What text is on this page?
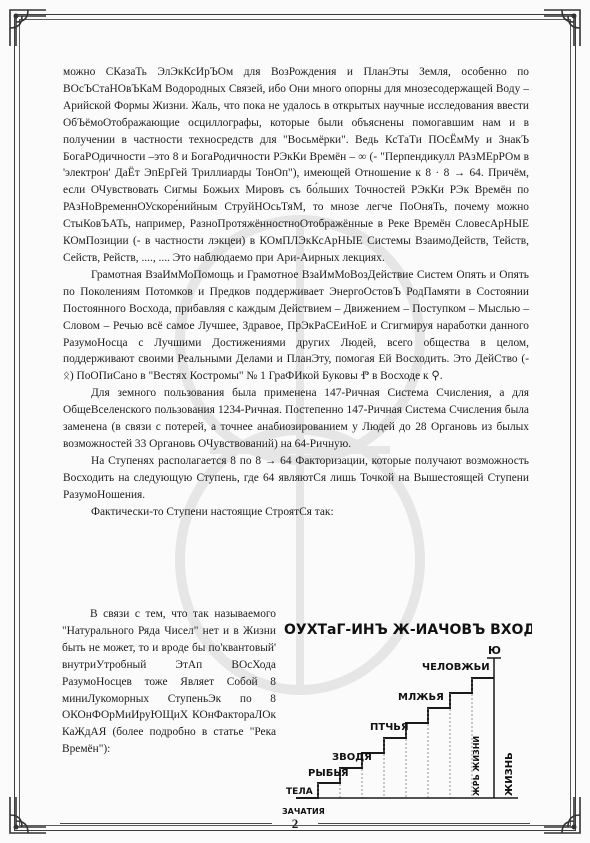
можно СКазаТь ЭлЭкКсИрЪОм для ВозРождения и ПланЭты Земля, особенно по ВОсЪСтаНОвЪКаМ Водородных Связей, ибо Они много опорны для мнозесодержащей Воду – Арийской Формы Жизни. Жаль, что пока не удалось в открытых научные исследования ввести ОбЪёмоОтображающие осциллографы, которые были объяснены помогавшим нам и в получении в частности техносредств для "Восьмёрки". Ведь КсТаТи ПОсЁмМу и ЗнакЪ БогаРОдичности –это 8 и БогаРодичности РЭкКи Времён – ∞ (- "Перпендикулл РАзМЕрРОм в 'электрон' ДаЁт ЭпЕрГей Триллиарды ТонОп"), имеющей Отношение к 8 · 8 → 64. Причём, если ОЧувствовать Сигмы Божьих Мировъ съ бо́льших Точностей РЭкКи РЭк Времён по РАзНоВременнОУскоре́нийным СтруйНОсьТяМ, то мнозе легче ПоОняТь, почему можно СтыКовЪАТь, например, РазноПротяжённостноОтображённые в Реке Времён СловесАрНЫЕ КОмПозиции (- в частности лэкцеи) в КОмПЛЭкКсАрНЫЕ Системы ВзаимоДейств, Тейств, Сейств, Рейств, ...., .... Это наблюдаемо при Ари-Аирных лекциях.

Грамотная ВзаИмМоПомощь и Грамотное ВзаИмМоВозДействие Систем Опять и Опять по Поколениям Потомков и Предков поддерживает ЭнергоОстовЪ РодПамяти в Состоянии Постоянного Восхода, прибавляя с каждым Действием – Движением – Поступком – Мыслью – Словом – Речью всё самое Лучшее, Здравое, ПрЭкРаСЕиНоЕ и Сгигмируя наработки данного РазумоНосца с Лучшими Достижениями других Людей, всего общества в целом, поддерживают своими Реальными Делами и ПланЭту, помогая Ей Восходить. Это ДейСтво (- ᛟ) ПоОПиСано в "Вестях Костромы" № 1 ГраФИкой Буковы Ⱂ в Восходе к ⚲.

Для земного пользования была применена 147-Ричная Система Счисления, а для ОбщеВселенского пользования 1234-Ричная. Постепенно 147-Ричная Система Счисления была заменена (в связи с потерей, а точнее анабиозированием у Людей до 28 Органовь из былых возможностей 33 Органовь ОЧувствований) на 64-Ричную.

На Ступенях располагается 8 по 8 → 64 Факторизации, которые получают возможность Восходить на следующую Ступень, где 64 являютСя лишь Точкой на Вышестоящей Ступени РазумоНошения.

Фактически-то Ступени настоящие СтроятСя так:

В связи с тем, что так называемого "Натурального Ряда Чисел" нет и в Жизни быть не может, то и вроде бы по'квантовый' внутриУтробный ЭтАп ВОсХода РазумоНосцев тоже Являет Собой 8 миниЛукоморных СтупеньЭк по 8 ОКОнФОрМиИруЮЩиХ КОнФактораЛОк КаЖдАЯ (более подробно в статье "Река Времён"):

ОУХТаГ-ИНЪ Ж-ИАЧОВЪ ВХОДЫ
ТЕЛА
РЫБЬЯ
ЗВОДЯ
ПТЧЬЯ
МЛЖЬЯ
ЧЕЛОВЖЬИ
ЗАЧАТИЯ
ЖРЬ ЖИЗНИ ЖИЗНЬ
Ю
2
